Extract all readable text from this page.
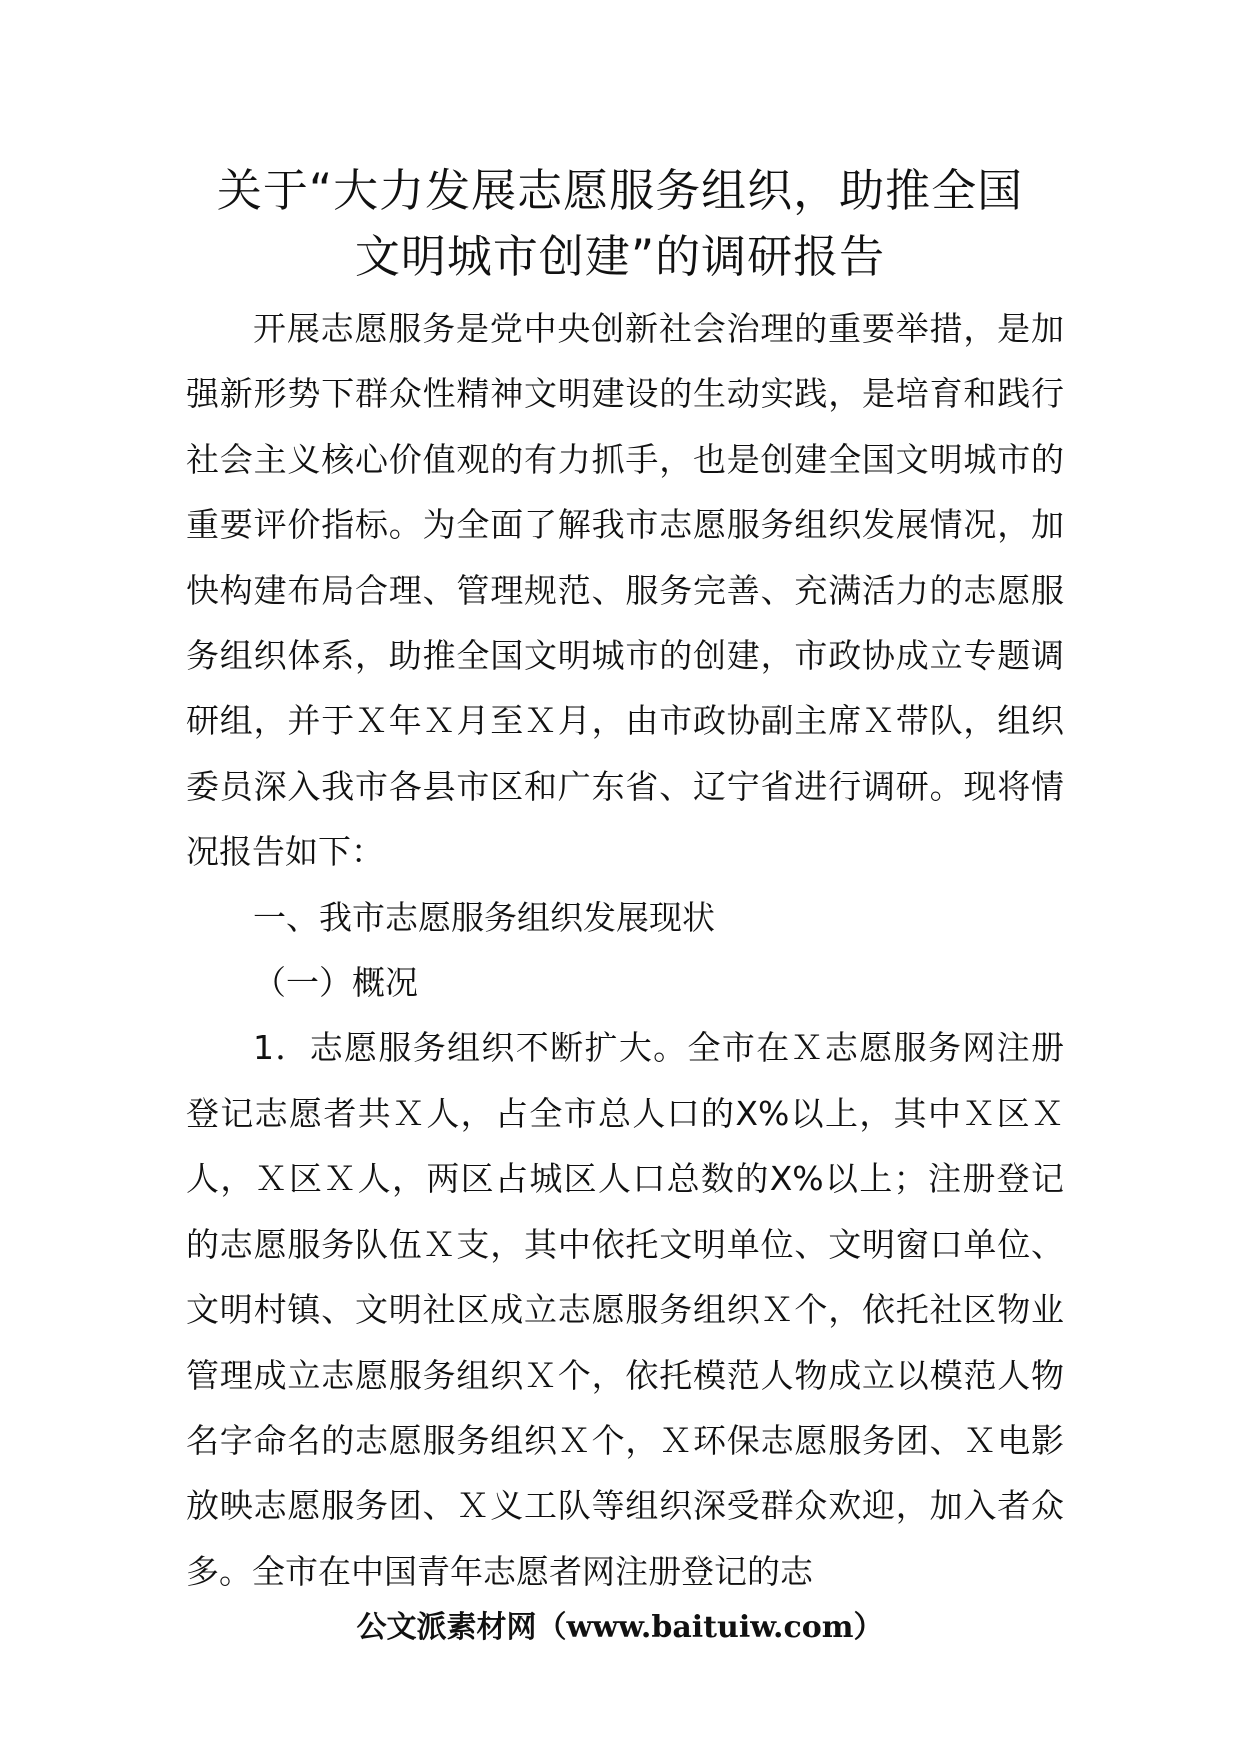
关于“大力发展志愿服务组织，助推全国
文明城市创建”的调研报告

开展志愿服务是党中央创新社会治理的重要举措，是加强新形势下群众性精神文明建设的生动实践，是培育和践行社会主义核心价值观的有力抓手，也是创建全国文明城市的重要评价指标。为全面了解我市志愿服务组织发展情况，加快构建布局合理、管理规范、服务完善、充满活力的志愿服务组织体系，助推全国文明城市的创建，市政协成立专题调研组，并于Ｘ年Ｘ月至Ｘ月，由市政协副主席Ｘ带队，组织委员深入我市各县市区和广东省、辽宁省进行调研。现将情况报告如下：

一、我市志愿服务组织发展现状

（一）概况

1．志愿服务组织不断扩大。全市在Ｘ志愿服务网注册登记志愿者共Ｘ人，占全市总人口的X%以上，其中Ｘ区Ｘ人，Ｘ区Ｘ人，两区占城区人口总数的X%以上；注册登记的志愿服务队伍Ｘ支，其中依托文明单位、文明窗口单位、文明村镇、文明社区成立志愿服务组织Ｘ个，依托社区物业管理成立志愿服务组织Ｘ个，依托模范人物成立以模范人物名字命名的志愿服务组织Ｘ个，Ｘ环保志愿服务团、Ｘ电影放映志愿服务团、Ｘ义工队等组织深受群众欢迎，加入者众多。全市在中国青年志愿者网注册登记的志

公文派素材网（www.baituiw.com）
